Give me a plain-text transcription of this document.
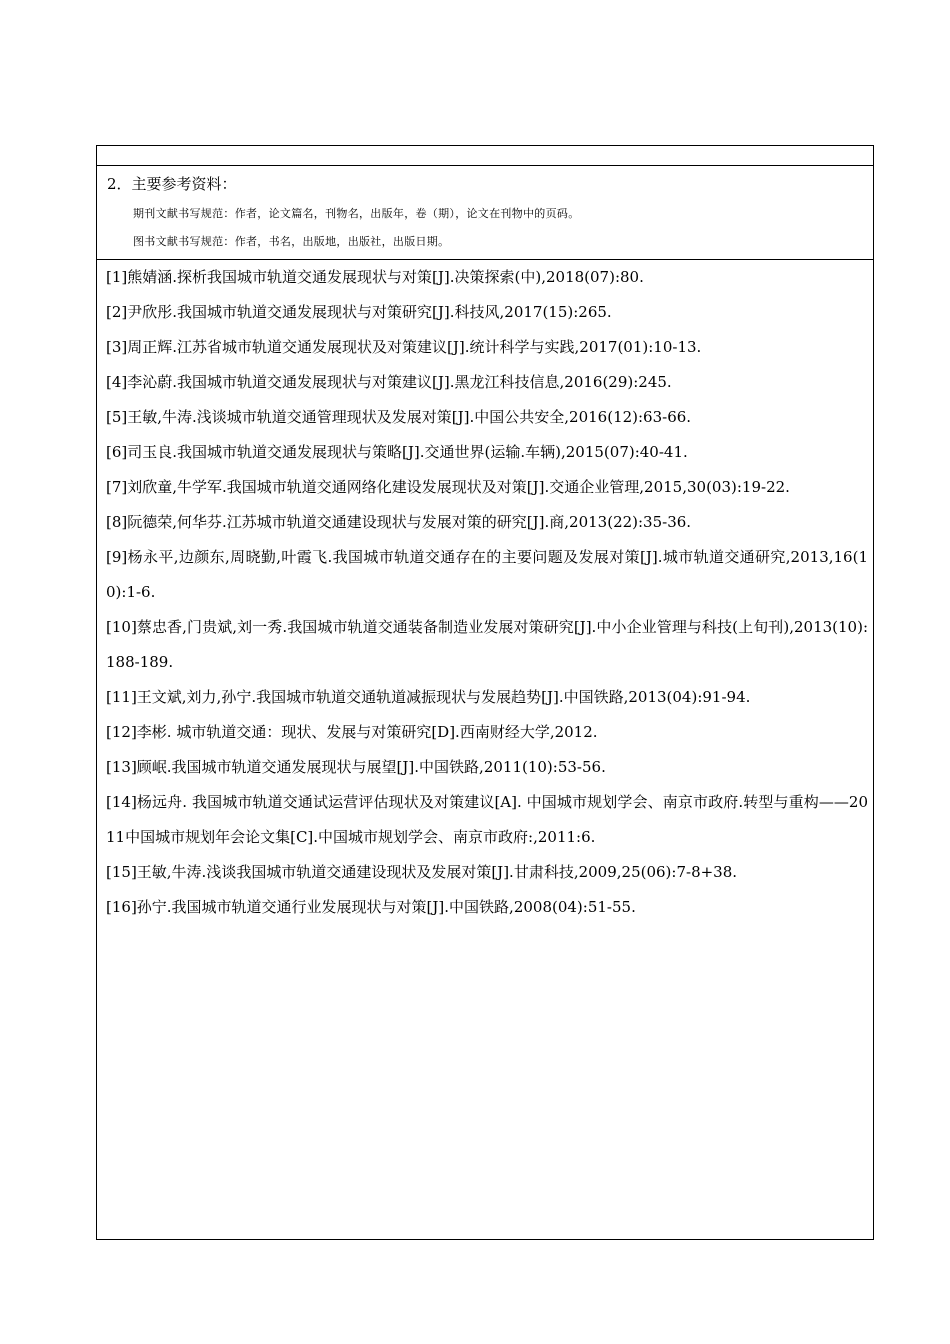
2．主要参考资料：
期刊文献书写规范：作者，论文篇名，刊物名，出版年，卷（期），论文在刊物中的页码。
图书文献书写规范：作者，书名，出版地，出版社，出版日期。
[1]熊婧涵.探析我国城市轨道交通发展现状与对策[J].决策探索(中),2018(07):80.
[2]尹欣彤.我国城市轨道交通发展现状与对策研究[J].科技风,2017(15):265.
[3]周正辉.江苏省城市轨道交通发展现状及对策建议[J].统计科学与实践,2017(01):10-13.
[4]李沁蔚.我国城市轨道交通发展现状与对策建议[J].黑龙江科技信息,2016(29):245.
[5]王敏,牛涛.浅谈城市轨道交通管理现状及发展对策[J].中国公共安全,2016(12):63-66.
[6]司玉良.我国城市轨道交通发展现状与策略[J].交通世界(运输.车辆),2015(07):40-41.
[7]刘欣童,牛学军.我国城市轨道交通网络化建设发展现状及对策[J].交通企业管理,2015,30(03):19-22.
[8]阮德荣,何华芬.江苏城市轨道交通建设现状与发展对策的研究[J].商,2013(22):35-36.
[9]杨永平,边颜东,周晓勤,叶霞飞.我国城市轨道交通存在的主要问题及发展对策[J].城市轨道交通研究,2013,16(10):1-6.
[10]蔡忠香,门贵斌,刘一秀.我国城市轨道交通装备制造业发展对策研究[J].中小企业管理与科技(上旬刊),2013(10):188-189.
[11]王文斌,刘力,孙宁.我国城市轨道交通轨道减振现状与发展趋势[J].中国铁路,2013(04):91-94.
[12]李彬. 城市轨道交通：现状、发展与对策研究[D].西南财经大学,2012.
[13]顾岷.我国城市轨道交通发展现状与展望[J].中国铁路,2011(10):53-56.
[14]杨远舟. 我国城市轨道交通试运营评估现状及对策建议[A]. 中国城市规划学会、南京市政府.转型与重构——2011中国城市规划年会论文集[C].中国城市规划学会、南京市政府:,2011:6.
[15]王敏,牛涛.浅谈我国城市轨道交通建设现状及发展对策[J].甘肃科技,2009,25(06):7-8+38.
[16]孙宁.我国城市轨道交通行业发展现状与对策[J].中国铁路,2008(04):51-55.
